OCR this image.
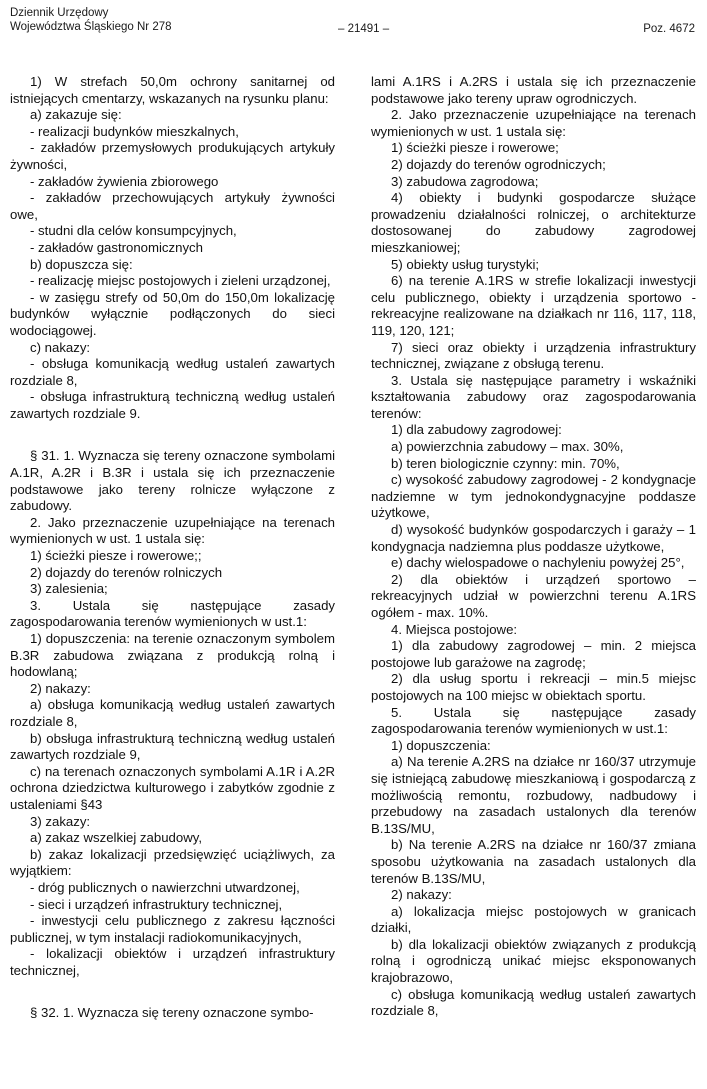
Dziennik Urzędowy
Województwa Śląskiego Nr 278	– 21491 –	Poz. 4672

1) W strefach 50,0m ochrony sanitarnej od istniejących cmentarzy, wskazanych na rysunku planu:

a) zakazuje się:

- realizacji budynków mieszkalnych,

- zakładów przemysłowych produkujących artykuły żywności,

- zakładów żywienia zbiorowego

- zakładów przechowujących artykuły żywności owe,

- studni dla celów konsumpcyjnych,

- zakładów gastronomicznych

b) dopuszcza się:

- realizację miejsc postojowych i zieleni urządzonej,

- w zasięgu strefy od 50,0m do 150,0m lokalizację budynków wyłącznie podłączonych do sieci wodociągowej.

c) nakazy:

- obsługa komunikacją według ustaleń zawartych rozdziale 8,

- obsługa infrastrukturą techniczną według ustaleń zawartych rozdziale 9.

§ 31. 1. Wyznacza się tereny oznaczone symbolami A.1R, A.2R i B.3R i ustala się ich przeznaczenie podstawowe jako tereny rolnicze wyłączone z zabudowy.

2. Jako przeznaczenie uzupełniające na terenach wymienionych w ust. 1 ustala się:

1) ścieżki piesze i rowerowe;;

2) dojazdy do terenów rolniczych

3) zalesienia;

3. Ustala się następujące zasady zagospodarowania terenów wymienionych w ust.1:

1) dopuszczenia: na terenie oznaczonym symbolem B.3R zabudowa związana z produkcją rolną i hodowlaną;

2) nakazy:

a) obsługa komunikacją według ustaleń zawartych rozdziale 8,

b) obsługa infrastrukturą techniczną według ustaleń zawartych rozdziale 9,

c) na terenach oznaczonych symbolami A.1R i A.2R ochrona dziedzictwa kulturowego i zabytków zgodnie z ustaleniami §43

3) zakazy:

a) zakaz wszelkiej zabudowy,

b) zakaz lokalizacji przedsięwzięć uciążliwych, za wyjątkiem:

- dróg publicznych o nawierzchni utwardzonej,

- sieci i urządzeń infrastruktury technicznej,

- inwestycji celu publicznego z zakresu łączności publicznej, w tym instalacji radiokomunikacyjnych,

- lokalizacji obiektów i urządzeń infrastruktury technicznej,

§ 32. 1. Wyznacza się tereny oznaczone symbo-

lami A.1RS i A.2RS i ustala się ich przeznaczenie podstawowe jako tereny upraw ogrodniczych.

2. Jako przeznaczenie uzupełniające na terenach wymienionych w ust. 1 ustala się:

1) ścieżki piesze i rowerowe;

2) dojazdy do terenów ogrodniczych;

3) zabudowa zagrodowa;

4) obiekty i budynki gospodarcze służące prowadzeniu działalności rolniczej, o architekturze dostosowanej do zabudowy zagrodowej mieszkaniowej;

5) obiekty usług turystyki;

6) na terenie A.1RS w strefie lokalizacji inwestycji celu publicznego, obiekty i urządzenia sportowo - rekreacyjne realizowane na działkach nr 116, 117, 118, 119, 120, 121;

7) sieci oraz obiekty i urządzenia infrastruktury technicznej, związane z obsługą terenu.

3. Ustala się następujące parametry i wskaźniki kształtowania zabudowy oraz zagospodarowania terenów:

1) dla zabudowy zagrodowej:

a) powierzchnia zabudowy – max. 30%,

b) teren biologicznie czynny: min. 70%,

c) wysokość zabudowy zagrodowej - 2 kondygnacje nadziemne w tym jednokondygnacyjne poddasze użytkowe,

d) wysokość budynków gospodarczych i garaży – 1 kondygnacja nadziemna plus poddasze użytkowe,

e) dachy wielospadowe o nachyleniu powyżej 25°,

2) dla obiektów i urządzeń sportowo – rekreacyjnych udział w powierzchni terenu A.1RS ogółem - max. 10%.

4. Miejsca postojowe:

1) dla zabudowy zagrodowej – min. 2 miejsca postojowe lub garażowe na zagrodę;

2) dla usług sportu i rekreacji – min.5 miejsc postojowych na 100 miejsc w obiektach sportu.

5. Ustala się następujące zasady zagospodarowania terenów wymienionych w ust.1:

1) dopuszczenia:

a) Na terenie A.2RS na działce nr 160/37 utrzymuje się istniejącą zabudowę mieszkaniową i gospodarczą z możliwością remontu, rozbudowy, nadbudowy i przebudowy na zasadach ustalonych dla terenów B.13S/MU,

b) Na terenie A.2RS na działce nr 160/37 zmiana sposobu użytkowania na zasadach ustalonych dla terenów B.13S/MU,

2) nakazy:

a) lokalizacja miejsc postojowych w granicach działki,

b) dla lokalizacji obiektów związanych z produkcją rolną i ogrodniczą unikać miejsc eksponowanych krajobrazowo,

c) obsługa komunikacją według ustaleń zawartych rozdziale 8,
